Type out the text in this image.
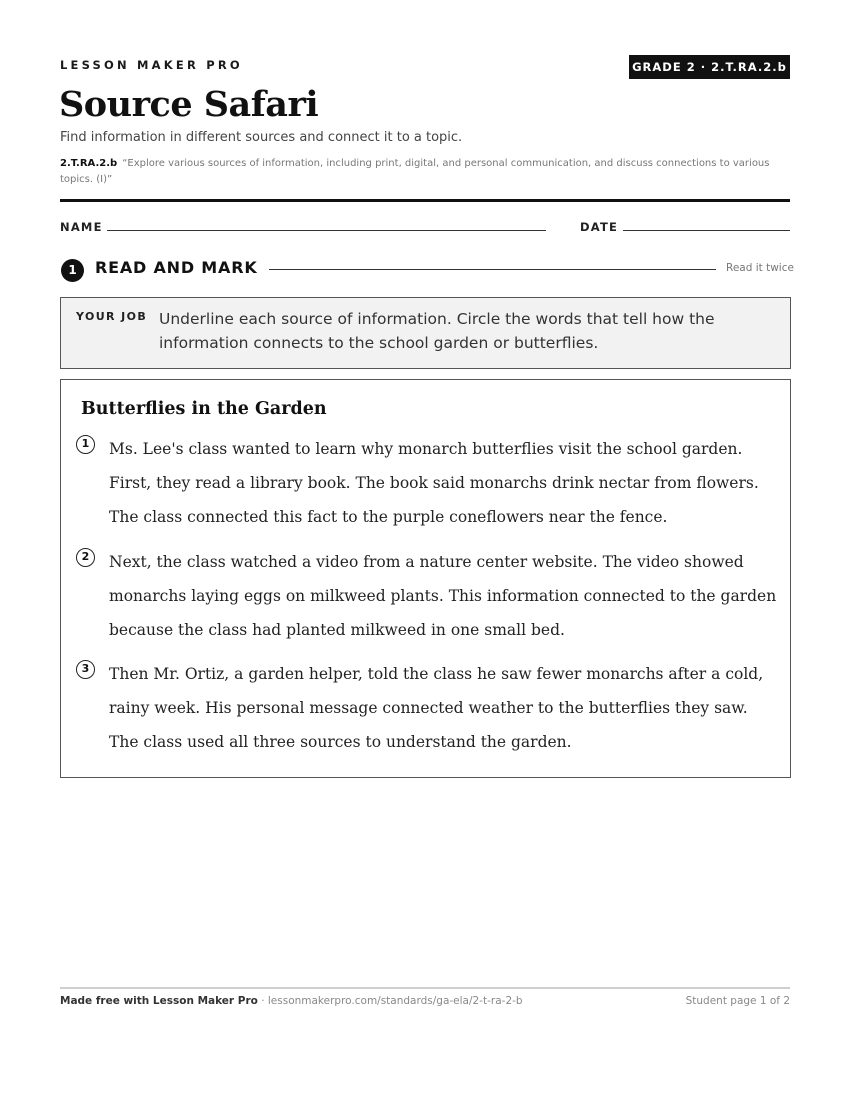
LESSON MAKER PRO	GRADE 2 · 2.T.RA.2.b
Source Safari
Find information in different sources and connect it to a topic.
2.T.RA.2.b “Explore various sources of information, including print, digital, and personal communication, and discuss connections to various topics. (I)”
NAME	DATE
1	READ AND MARK	Read it twice
YOUR JOB Underline each source of information. Circle the words that tell how the information connects to the school garden or butterflies.
Butterflies in the Garden
1	Ms. Lee's class wanted to learn why monarch butterflies visit the school garden. First, they read a library book. The book said monarchs drink nectar from flowers. The class connected this fact to the purple coneflowers near the fence.
2	Next, the class watched a video from a nature center website. The video showed monarchs laying eggs on milkweed plants. This information connected to the garden because the class had planted milkweed in one small bed.
3	Then Mr. Ortiz, a garden helper, told the class he saw fewer monarchs after a cold, rainy week. His personal message connected weather to the butterflies they saw. The class used all three sources to understand the garden.
Made free with Lesson Maker Pro · lessonmakerpro.com/standards/ga-ela/2-t-ra-2-b	Student page 1 of 2
